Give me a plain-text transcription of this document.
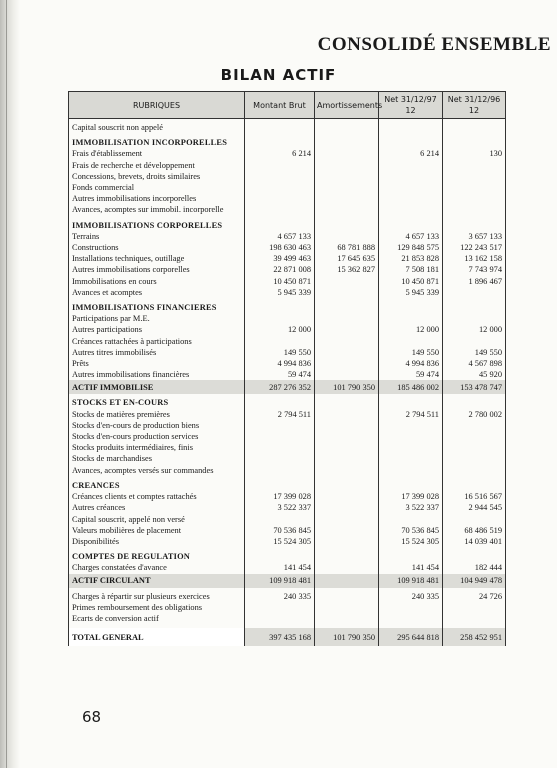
CONSOLIDÉ ENSEMBLE
BILAN ACTIF
RUBRIQUES	Montant Brut	Amortissements	Net 31/12/97 12	Net 31/12/96 12
Capital souscrit non appelé				

IMMOBILISATION INCORPORELLES				
Frais d'établissement	6 214		6 214	130
Frais de recherche et développement				
Concessions, brevets, droits similaires				
Fonds commercial				
Autres immobilisations incorporelles				
Avances, acomptes sur immobil. incorporelle				

IMMOBILISATIONS CORPORELLES				
Terrains	4 657 133		4 657 133	3 657 133
Constructions	198 630 463	68 781 888	129 848 575	122 243 517
Installations techniques, outillage	39 499 463	17 645 635	21 853 828	13 162 158
Autres immobilisations corporelles	22 871 008	15 362 827	7 508 181	7 743 974
Immobilisations en cours	10 450 871		10 450 871	1 896 467
Avances et acomptes	5 945 339		5 945 339	

IMMOBILISATIONS FINANCIERES				
Participations par M.E.				
Autres participations	12 000		12 000	12 000
Créances rattachées à participations				
Autres titres immobilisés	149 550		149 550	149 550
Prêts	4 994 836		4 994 836	4 567 898
Autres immobilisations financières	59 474		59 474	45 920
ACTIF IMMOBILISE	287 276 352	101 790 350	185 486 002	153 478 747
STOCKS ET EN-COURS				
Stocks de matières premières	2 794 511		2 794 511	2 780 002
Stocks d'en-cours de production biens				
Stocks d'en-cours production services				
Stocks produits intermédiaires, finis				
Stocks de marchandises				
Avances, acomptes versés sur commandes				

CREANCES				
Créances clients et comptes rattachés	17 399 028		17 399 028	16 516 567
Autres créances	3 522 337		3 522 337	2 944 545
Capital souscrit, appelé non versé				
Valeurs mobilières de placement	70 536 845		70 536 845	68 486 519
Disponibilités	15 524 305		15 524 305	14 039 401

COMPTES DE REGULATION				
Charges constatées d'avance	141 454		141 454	182 444
ACTIF CIRCULANT	109 918 481		109 918 481	104 949 478
Charges à répartir sur plusieurs exercices	240 335		240 335	24 726
Primes remboursement des obligations				
Ecarts de conversion actif				

TOTAL GENERAL	397 435 168	101 790 350	295 644 818	258 452 951
68
